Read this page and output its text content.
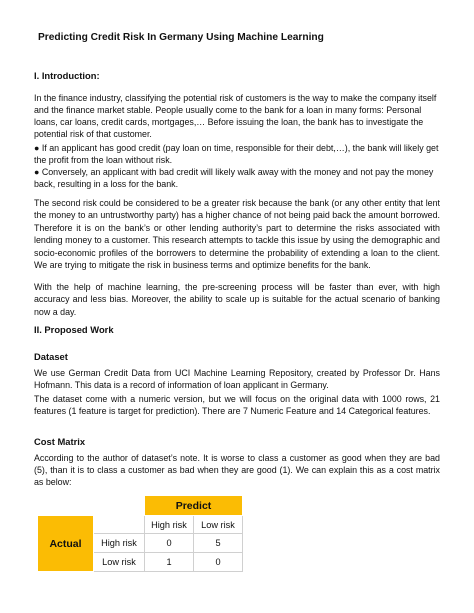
Predicting Credit Risk In Germany Using Machine Learning
I. Introduction:

In the finance industry, classifying the potential risk of customers is the way to make the company itself and the finance market stable. People usually come to the bank for a loan in many forms: Personal loans, car loans, credit cards, mortgages,… Before issuing the loan, the bank has to investigate the potential risk of that customer.

● If an applicant has good credit (pay loan on time, responsible for their debt,…), the bank will likely get the profit from the loan without risk.

● Conversely, an applicant with bad credit will likely walk away with the money and not pay the money back, resulting in a loss for the bank.

The second risk could be considered to be a greater risk because the bank (or any other entity that lent the money to an untrustworthy party) has a higher chance of not being paid back the amount borrowed. Therefore it is on the bank’s or other lending authority’s part to determine the risks associated with lending money to a customer. This research attempts to tackle this issue by using the demographic and socio-economic profiles of the borrowers to determine the probability of extending a loan to the client. We are trying to mitigate the risk in business terms and optimize benefits for the bank.

With the help of machine learning, the pre-screening process will be faster than ever, with high accuracy and less bias. Moreover, the ability to scale up is suitable for the actual scenario of banking now a day.

II. Proposed Work
Dataset

We use German Credit Data from UCI Machine Learning Repository, created by Professor Dr. Hans Hofmann. This data is a record of information of loan applicant in Germany.

The dataset come with a numeric version, but we will focus on the original data with 1000 rows, 21 features (1 feature is target for prediction). There are 7 Numeric Feature and 14 Categorical features.

Cost Matrix

According to the author of dataset’s note. It is worse to class a customer as good when they are bad (5), than it is to class a customer as bad when they are good (1). We can explain this as a cost matrix as below:

		Predict	
Actual		High risk	Low risk
	High risk	0	5
	Low risk	1	0
